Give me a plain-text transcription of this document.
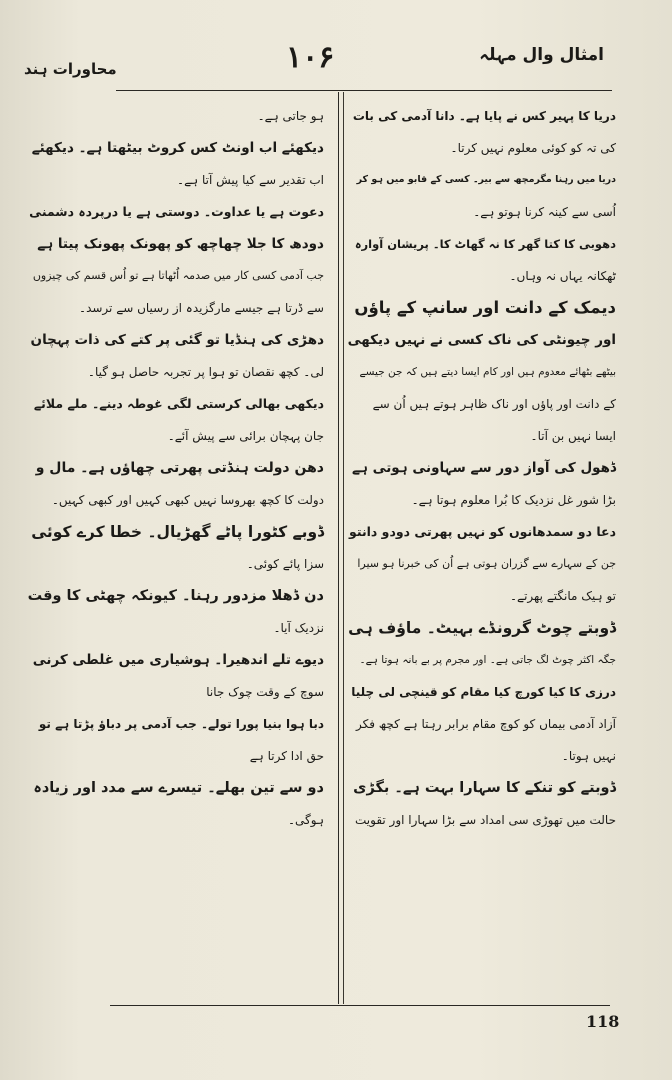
امثال وال مہلہ
۱۰۶
محاورات ہند
دریا کا پہیر کس نے پایا ہے۔ دانا آدمی کی بات
کی تہ کو کوئی معلوم نہیں کرتا۔
دریا میں رہنا مگرمچھ سے بیر۔ کسی کے قابو میں ہو کر
اُسی سے کینہ کرنا ہوتو ہے۔
دھوبی کا کتا گھر کا نہ گھاٹ کا۔ پریشان آوارہ
ٹھکانہ یہاں نہ وہاں۔
دیمک کے دانت اور سانپ کے پاؤں
اور چیونٹی کی ناک کسی نے نہیں دیکھی
بیٹھے بٹھائے معدوم ہیں اور کام ایسا دیتے ہیں کہ جن جیسے
کے دانت اور پاؤں اور ناک ظاہر ہوتے ہیں اُن سے
ایسا نہیں بن آتا۔
ڈھول کی آواز دور سے سہاونی ہوتی ہے
بڑا شور غل نزدیک کا بُرا معلوم ہوتا ہے۔
دعا دو سمدھانوں کو نہیں پھرتی دودو دانتو
جن کے سہارے سے گزران ہوتی ہے اُن کی خبرنا ہو سیرا
تو ہیک مانگتے پھرتے۔
ڈوبتے چوٹ گرونڈے بہیٹ۔ ماؤف ہی
جگہ اکثر چوٹ لگ جاتی ہے۔ اور مجرم پر بے بانہ ہوتا ہے۔
درزی کا کیا کورچ کیا مقام کو قینچی لی چلیا
آزاد آدمی بیماں کو کوچ مقام برابر رہتا ہے کچھ فکر
نہیں ہوتا۔
ڈوبتے کو تنکے کا سہارا بہت ہے۔ بگڑی
حالت میں تھوڑی سی امداد سے بڑا سہارا اور تقویت
ہو جاتی ہے۔
دیکھئے اب اونٹ کس کروٹ بیٹھتا ہے۔ دیکھئے
اب تقدیر سے کیا پیش آتا ہے۔
دعوت ہے یا عداوت۔ دوستی ہے یا درپردہ دشمنی
دودھ کا جلا چھاچھ کو پھونک پھونک پیتا ہے
جب آدمی کسی کار میں صدمہ اُٹھاتا ہے تو اُس قسم کی چیزوں
سے ڈرتا ہے جیسے مارگزیدہ از رسیاں سے ترسد۔
دھڑی کی ہنڈیا تو گئی پر کتے کی ذات پہچان
لی۔ کچھ نقصان تو ہوا پر تجربہ حاصل ہو گیا۔
دیکھی بھالی کرستی لگی غوطہ دینے۔ ملے ملائے
جان پہچان برائی سے پیش آئے۔
دھن دولت ہنڈتی پھرتی چھاؤں ہے۔ مال و
دولت کا کچھ بھروسا نہیں کبھی کہیں اور کبھی کہیں۔
ڈوبے کٹورا پاٹے گھڑیال۔ خطا کرے کوئی
سزا پائے کوئی۔
دن ڈھلا مزدور رہنا۔ کیونکہ چھٹی کا وقت
نزدیک آیا۔
دیوے تلے اندھیرا۔ ہوشیاری میں غلطی کرنی
سوچ کے وقت چوک جانا
دبا ہوا بنیا پورا تولے۔ جب آدمی پر دباؤ پڑتا ہے تو
حق ادا کرتا ہے
دو سے تین بھلے۔ تیسرے سے مدد اور زیادہ
ہوگی۔
118
